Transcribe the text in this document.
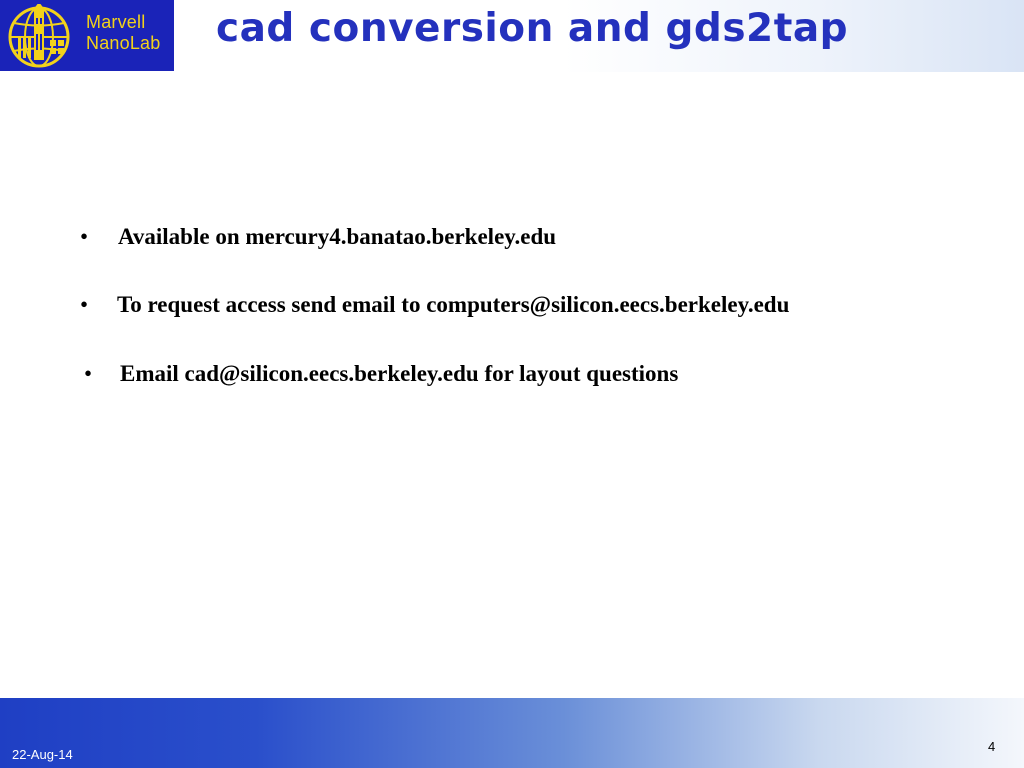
Marvell
NanoLab cad conversion and gds2tap
• Available on mercury4.banatao.berkeley.edu
• To request access send email to computers@silicon.eecs.berkeley.edu
• Email cad@silicon.eecs.berkeley.edu for layout questions
22-Aug-14
4
